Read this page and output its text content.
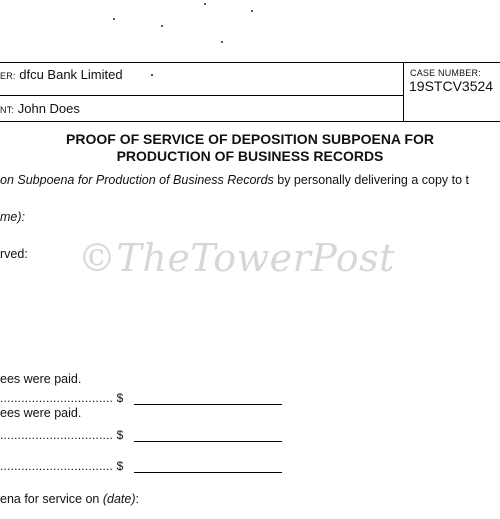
ER: dfcu Bank Limited
NT: John Does
CASE NUMBER:
19STCV3524
PROOF OF SERVICE OF DEPOSITION SUBPOENA FOR
PRODUCTION OF BUSINESS RECORDS
on Subpoena for Production of Business Records by personally delivering a copy to t
me):
rved: ©TheTowerPost
ees were paid.
................................ $
ees were paid.
................................ $
................................ $
ena for service on (date):
